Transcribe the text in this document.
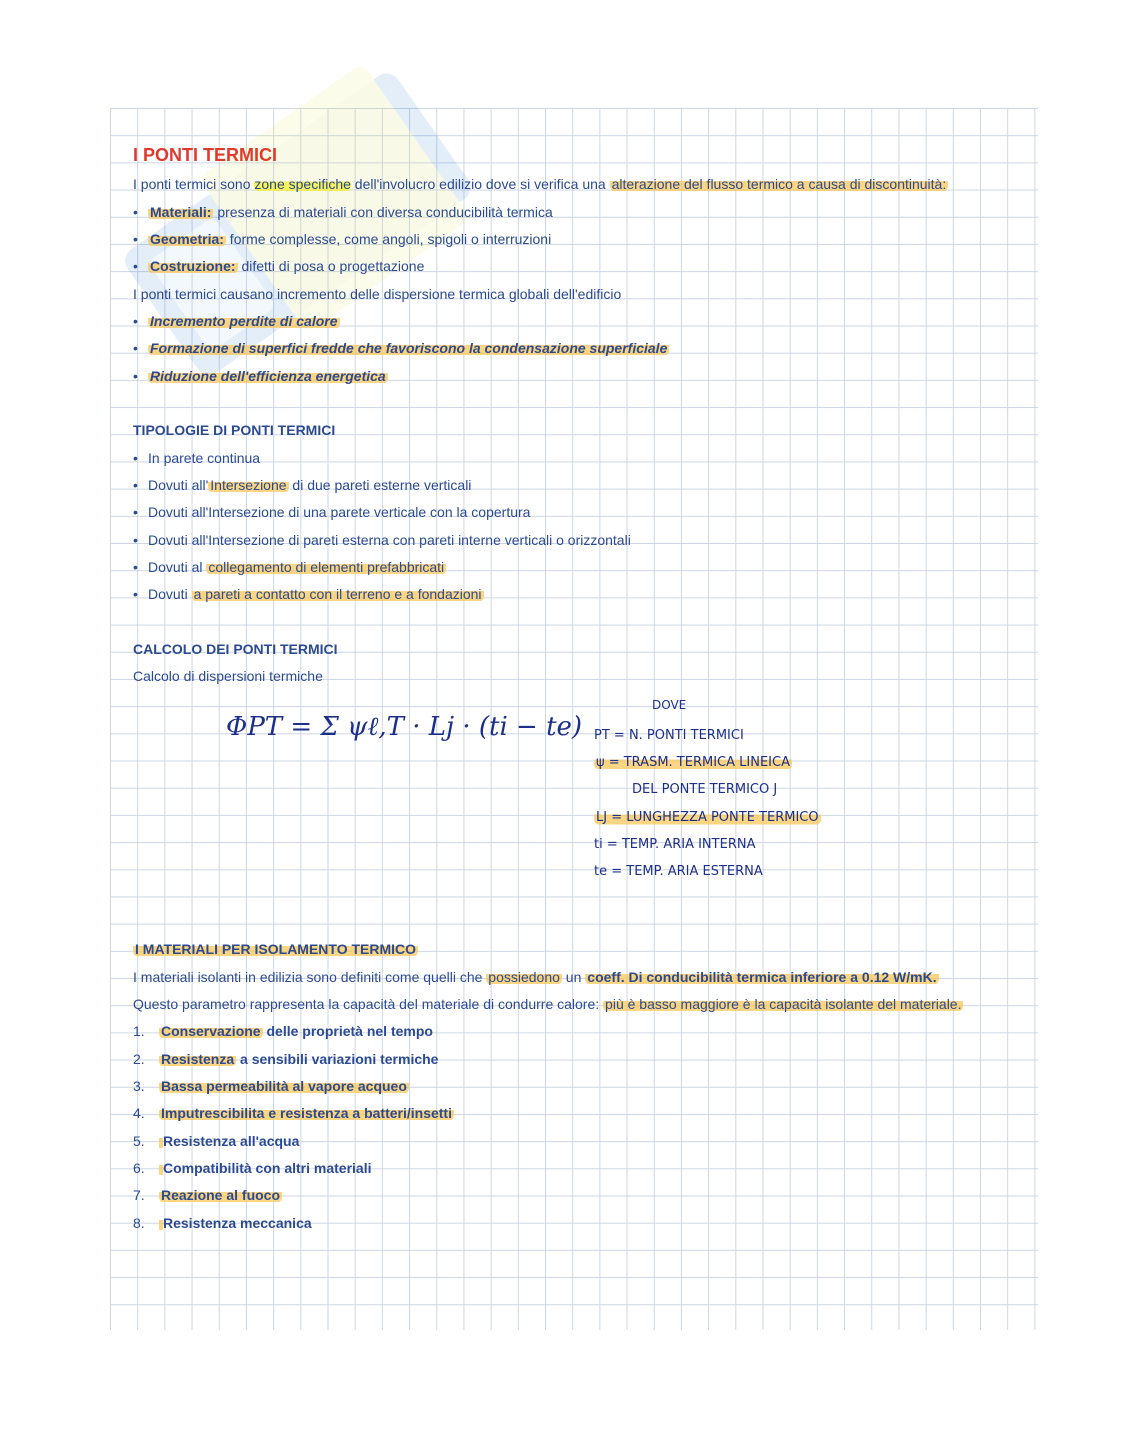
I PONTI TERMICI
I ponti termici sono zone specifiche dell'involucro edilizio dove si verifica una alterazione del flusso termico a causa di discontinuità:
• Materiali: presenza di materiali con diversa conducibilità termica
• Geometria: forme complesse, come angoli, spigoli o interruzioni
• Costruzione: difetti di posa o progettazione
I ponti termici causano incremento delle dispersione termica globali dell'edificio
• Incremento perdite di calore
• Formazione di superfici fredde che favoriscono la condensazione superficiale
• Riduzione dell'efficienza energetica
TIPOLOGIE DI PONTI TERMICI
• In parete continua
• Dovuti all' Intersezione di due pareti esterne verticali
• Dovuti all'Intersezione di una parete verticale con la copertura
• Dovuti all'Intersezione di pareti esterna con pareti interne verticali o orizzontali
• Dovuti al collegamento di elementi prefabbricati
• Dovuti a pareti a contatto con il terreno e a fondazioni
CALCOLO DEI PONTI TERMICI
Calcolo di dispersioni termiche
I MATERIALI PER ISOLAMENTO TERMICO
I materiali isolanti in edilizia sono definiti come quelli che possiedono un coeff. Di conducibilità termica inferiore a 0.12 W/mK.
Questo parametro rappresenta la capacità del materiale di condurre calore: più è basso maggiore è la capacità isolante del materiale.
1. Conservazione delle proprietà nel tempo
2. Resistenza a sensibili variazioni termiche
3. Bassa permeabilità al vapore acqueo
4. Imputrescibilita e resistenza a batteri/insetti
5. Resistenza all'acqua
6. Compatibilità con altri materiali
7. Reazione al fuoco
8. Resistenza meccanica
ΦPT = Σ ψℓ,T · Lj · (ti − te)
DOVE
PT = N. PONTI TERMICI
ψ = TRASM. TERMICA LINEICA
DEL PONTE TERMICO J
LJ = LUNGHEZZA PONTE TERMICO
ti = TEMP. ARIA INTERNA
te = TEMP. ARIA ESTERNA
